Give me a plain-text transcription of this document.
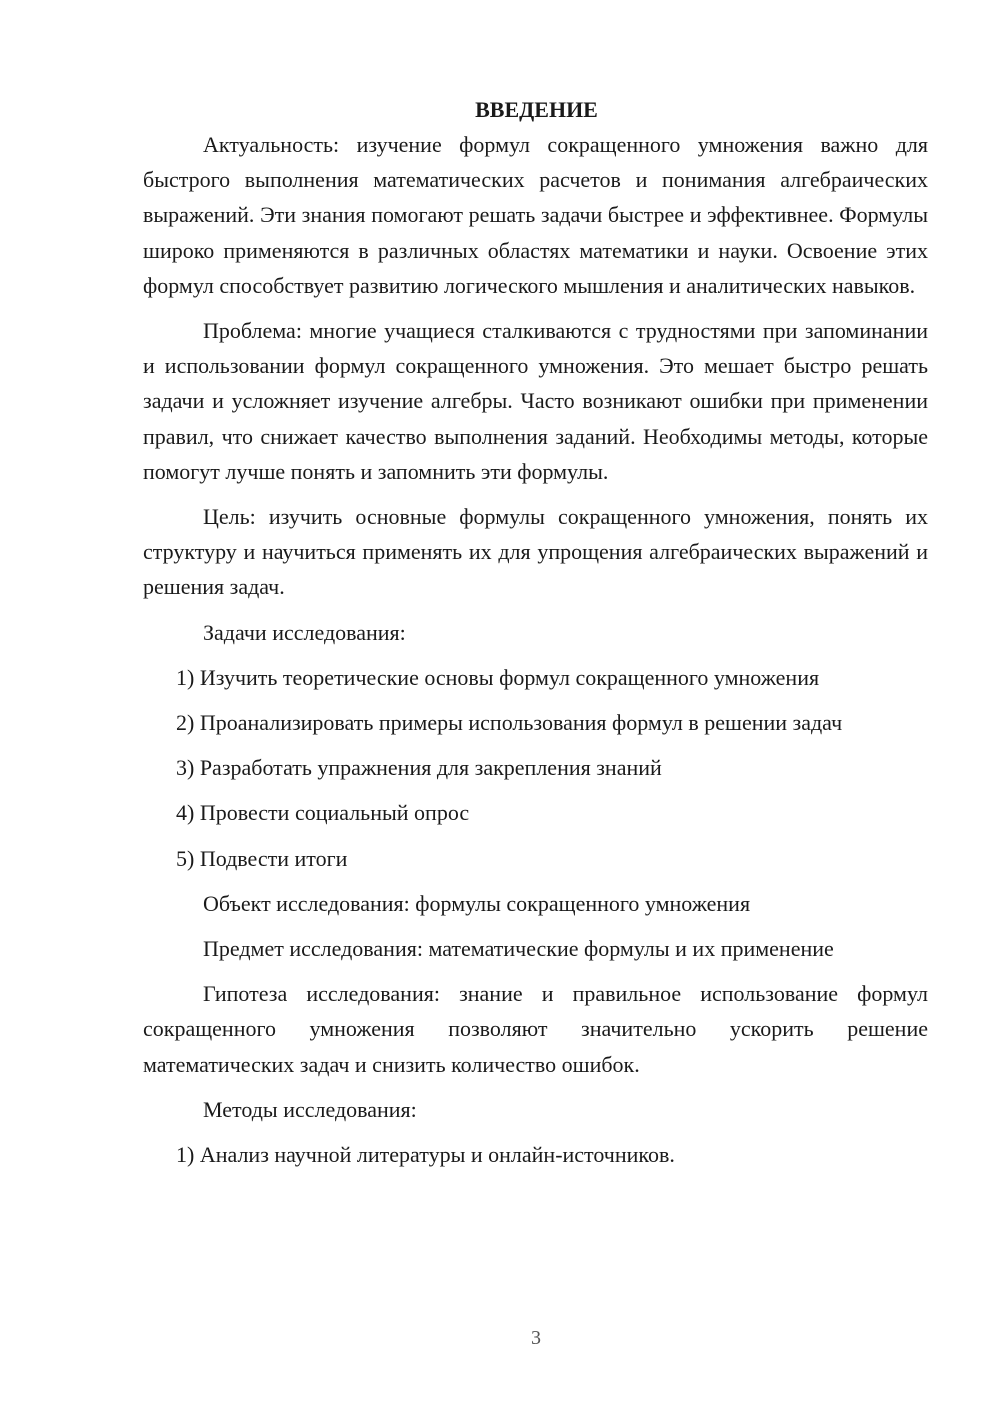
ВВЕДЕНИЕ

Актуальность: изучение формул сокращенного умножения важно для быстрого выполнения математических расчетов и понимания алгебраических выражений. Эти знания помогают решать задачи быстрее и эффективнее. Формулы широко применяются в различных областях математики и науки. Освоение этих формул способствует развитию логического мышления и аналитических навыков.

Проблема: многие учащиеся сталкиваются с трудностями при запоминании и использовании формул сокращенного умножения. Это мешает быстро решать задачи и усложняет изучение алгебры. Часто возникают ошибки при применении правил, что снижает качество выполнения заданий. Необходимы методы, которые помогут лучше понять и запомнить эти формулы.

Цель: изучить основные формулы сокращенного умножения, понять их структуру и научиться применять их для упрощения алгебраических выражений и решения задач.

Задачи исследования:

1) Изучить теоретические основы формул сокращенного умножения

2) Проанализировать примеры использования формул в решении задач

3) Разработать упражнения для закрепления знаний

4) Провести социальный опрос

5) Подвести итоги

Объект исследования: формулы сокращенного умножения

Предмет исследования: математические формулы и их применение

Гипотеза исследования: знание и правильное использование формул сокращенного умножения позволяют значительно ускорить решение математических задач и снизить количество ошибок.

Методы исследования:

1) Анализ научной литературы и онлайн-источников.

3
